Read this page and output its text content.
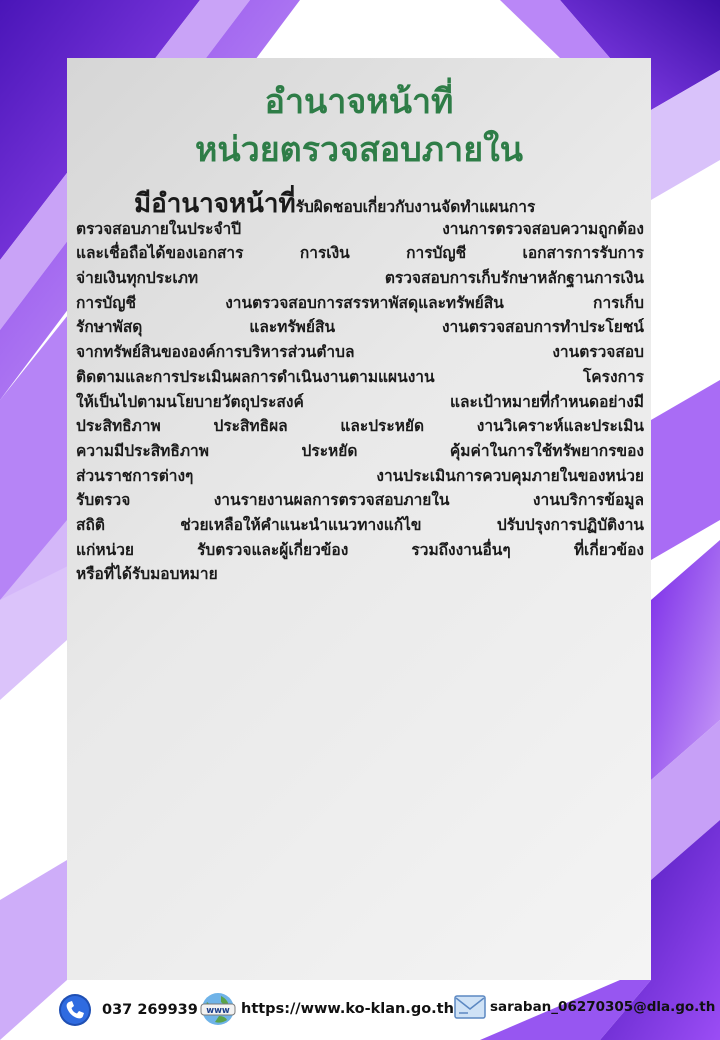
อำนาจหน้าที่
หน่วยตรวจสอบภายใน
มีอำนาจหน้าที่รับผิดชอบเกี่ยวกับงานจัดทำแผนการ
ตรวจสอบภายในประจำปี งานการตรวจสอบความถูกต้อง
และเชื่อถือได้ของเอกสาร การเงิน การบัญชี เอกสารการรับการ
จ่ายเงินทุกประเภท ตรวจสอบการเก็บรักษาหลักฐานการเงิน
การบัญชี งานตรวจสอบการสรรหาพัสดุและทรัพย์สิน การเก็บ
รักษาพัสดุ และทรัพย์สิน งานตรวจสอบการทำประโยชน์
จากทรัพย์สินขององค์การบริหารส่วนตำบล งานตรวจสอบ
ติดตามและการประเมินผลการดำเนินงานตามแผนงาน โครงการ
ให้เป็นไปตามนโยบายวัตถุประสงค์ และเป้าหมายที่กำหนดอย่างมี
ประสิทธิภาพ ประสิทธิผล และประหยัด งานวิเคราะห์และประเมิน
ความมีประสิทธิภาพ ประหยัด คุ้มค่าในการใช้ทรัพยากรของ
ส่วนราชการต่างๆ งานประเมินการควบคุมภายในของหน่วย
รับตรวจ งานรายงานผลการตรวจสอบภายใน งานบริการข้อมูล
สถิติ ช่วยเหลือให้คำแนะนำแนวทางแก้ไข ปรับปรุงการปฏิบัติงาน
แก่หน่วย รับตรวจและผู้เกี่ยวข้อง รวมถึงงานอื่นๆ ที่เกี่ยวข้อง
หรือที่ได้รับมอบหมาย
037 269939 www https://www.ko-klan.go.th	saraban_06270305@dla.go.th
